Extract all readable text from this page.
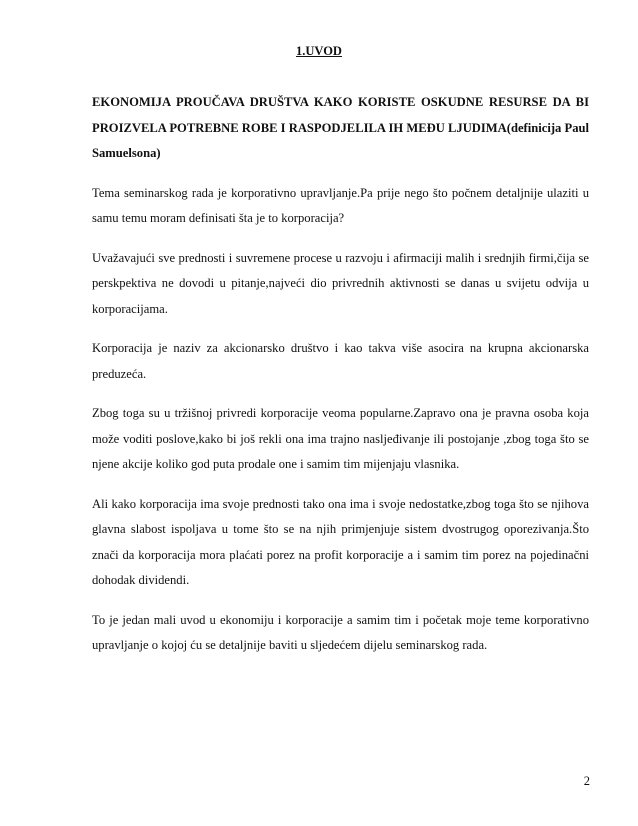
1.UVOD

EKONOMIJA PROUČAVA DRUŠTVA KAKO KORISTE OSKUDNE RESURSE DA BI PROIZVELA POTREBNE ROBE I RASPODJELILA IH MEĐU LJUDIMA(definicija Paul Samuelsona)

Tema seminarskog rada je korporativno upravljanje.Pa prije nego što počnem detaljnije ulaziti u samu temu moram definisati šta je to korporacija?

Uvažavajući sve prednosti i suvremene procese u razvoju i afirmaciji malih i srednjih firmi,čija se perskpektiva ne dovodi u pitanje,najveći dio privrednih aktivnosti se danas u svijetu odvija u korporacijama.

Korporacija je naziv za akcionarsko društvo i kao takva više asocira na krupna akcionarska preduzeća.

Zbog toga su u tržišnoj privredi korporacije veoma popularne.Zapravo ona je pravna osoba koja može voditi poslove,kako bi još rekli ona ima trajno nasljeđivanje ili postojanje ,zbog toga što se njene akcije koliko god puta prodale one i samim tim mijenjaju vlasnika.

Ali kako korporacija ima svoje prednosti tako ona ima i svoje nedostatke,zbog toga što se njihova glavna slabost ispoljava u tome što se na njih primjenjuje sistem dvostrugog oporezivanja.Što znači da korporacija mora plaćati porez na profit korporacije a i samim tim porez na pojedinačni dohodak dividendi.

To je jedan mali uvod u ekonomiju i korporacije a samim tim i početak moje teme korporativno upravljanje o kojoj ću se detaljnije baviti u sljedećem dijelu seminarskog rada.

2
